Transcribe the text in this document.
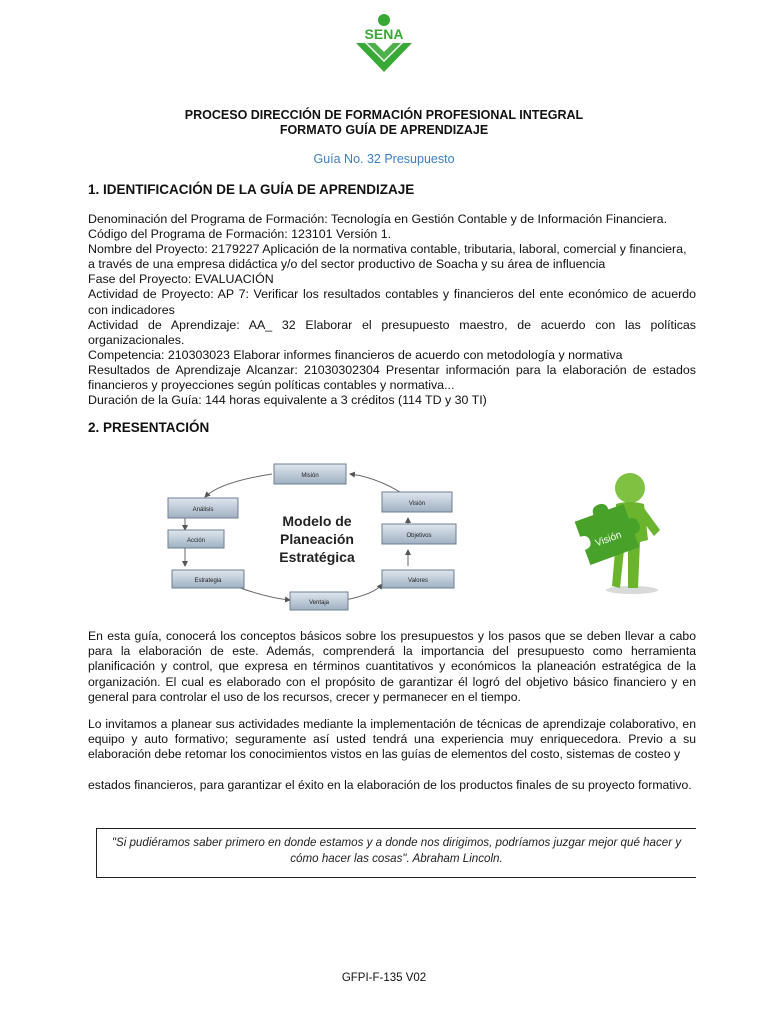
SENA
PROCESO DIRECCIÓN DE FORMACIÓN PROFESIONAL INTEGRAL
FORMATO GUÍA DE APRENDIZAJE
Guía No. 32 Presupuesto
1. IDENTIFICACIÓN DE LA GUÍA DE APRENDIZAJE

Denominación del Programa de Formación: Tecnología en Gestión Contable y de Información Financiera.

Código del Programa de Formación: 123101 Versión 1.

Nombre del Proyecto: 2179227 Aplicación de la normativa contable, tributaria, laboral, comercial y financiera, a través de una empresa didáctica y/o del sector productivo de Soacha y su área de influencia

Fase del Proyecto: EVALUACIÓN

Actividad de Proyecto: AP 7: Verificar los resultados contables y financieros del ente económico de acuerdo con indicadores

Actividad de Aprendizaje: AA_ 32 Elaborar el presupuesto maestro, de acuerdo con las políticas organizacionales.

Competencia: 210303023 Elaborar informes financieros de acuerdo con metodología y normativa

Resultados de Aprendizaje Alcanzar: 21030302304 Presentar información para la elaboración de estados financieros y proyecciones según políticas contables y normativa...

Duración de la Guía: 144 horas equivalente a 3 créditos (114 TD y 30 TI)

2. PRESENTACIÓN
Misión
Visión
Objetivos
Valores
Ventaja
Estrategia
Acción
Análisis
Modelo de
Planeación
Estratégica
Visión
En esta guía, conocerá los conceptos básicos sobre los presupuestos y los pasos que se deben llevar a cabo para la elaboración de este. Además, comprenderá la importancia del presupuesto como herramienta planificación y control, que expresa en términos cuantitativos y económicos la planeación estratégica de la organización. El cual es elaborado con el propósito de garantizar él logró del objetivo básico financiero y en general para controlar el uso de los recursos, crecer y permanecer en el tiempo.
Lo invitamos a planear sus actividades mediante la implementación de técnicas de aprendizaje colaborativo, en equipo y auto formativo; seguramente así usted tendrá una experiencia muy enriquecedora. Previo a su elaboración debe retomar los conocimientos vistos en las guías de elementos del costo, sistemas de costeo y
estados financieros, para garantizar el éxito en la elaboración de los productos finales de su proyecto formativo.
"Si pudiéramos saber primero en donde estamos y a donde nos dirigimos, podríamos juzgar mejor qué hacer y cómo hacer las cosas". Abraham Lincoln.
GFPI-F-135 V02
